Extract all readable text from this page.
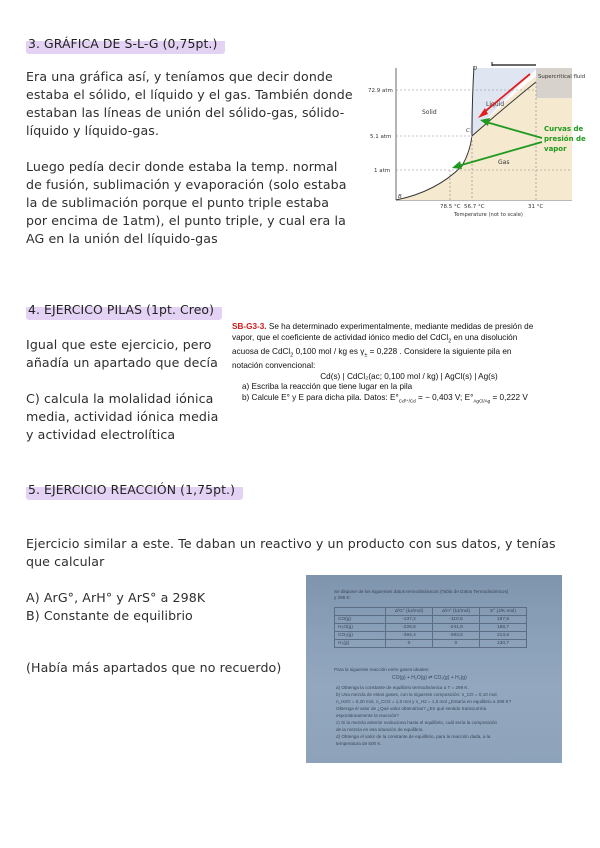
3. GRÁFICA DE S-L-G (0,75pt.)
Era una gráfica así, y teníamos que decir donde
estaba el sólido, el líquido y el gas. También donde
estaban las líneas de unión del sólido-gas, sólido-
líquido y líquido-gas.
Luego pedía decir donde estaba la temp. normal
de fusión, sublimación y evaporación (solo estaba
la de sublimación porque el punto triple estaba
por encima de 1atm), el punto triple, y cual era la
AG en la unión del líquido-gas
72.9 atm
5.1 atm
1 atm
78.5 °C 56.7 °C	31 °C
Temperature (not to scale)
Solid
Liquid
Gas
Supercritical fluid
D
C
B
Curvas de
presión de
vapor
4. EJERCICO PILAS (1pt. Creo)
Igual que este ejercicio, pero
añadía un apartado que decía
C) calcula la molalidad iónica
media, actividad iónica media
y actividad electrolítica
SB-G3-3. Se ha determinado experimentalmente, mediante medidas de presión de
vapor, que el coeficiente de actividad iónico medio del CdCl$_2$ en una disolución
acuosa de CdCl$_2$ 0,100 mol / kg es $\gamma_\pm = 0,228$ . Considere la siguiente pila en
notación convencional:
Cd(s) | CdCl₂(ac; 0,100 mol / kg) | AgCl(s) | Ag(s)
a) Escriba la reacción que tiene lugar en la pila
b) Calcule E° y E para dicha pila. Datos: $E^\circ_{Cd^{2+}/Cd}$ = − 0,403 V; $E^\circ_{AgCl/Ag} = 0,222$ V
5. EJERCICIO REACCIÓN (1,75pt.)
Ejercicio similar a este. Te daban un reactivo y un producto con sus datos, y tenías
que calcular
A) ArG°, ArH° y ArS° a 298K
B) Constante de equilibrio
(Había más apartados que no recuerdo)
Se dispone de los siguientes datos termodinámicos (Tabla de Datos Termodinámicos)
y 298 K:
	ΔᶠG° (kJ/mol)	ΔᶠH° (kJ/mol)	S° (J/K·mol)
CO(g)	-137,2	-110,5	197,6
H₂O(g)	-228,6	-241,8	188,7
CO₂(g)	-394,4	-393,5	213,6
H₂(g)	0	0	130,7
Para la siguiente reacción entre gases ideales:
CO(g) + H₂O(g) ⇌ CO₂(g) + H₂(g)
a) Obtenga la constante de equilibrio termodinámica a T = 298 K.
b) Una mezcla de estos gases, con la siguiente composición: n_CO = 0,10 mol,
n_H2O = 0,20 mol, n_CO2 = 1,0 mol y n_H2 = 1,0 mol ¿Estaría en equilibrio a 298 K?
Obtenga el valor de ¿Qué valor obtendrías? ¿En qué sentido transcurriría
espontáneamente la reacción?
c) Si la mezcla anterior evoluciona hasta el equilibrio, cuál sería la composición
de la mezcla en esa situación de equilibrio.
d) Obtenga el valor de la constante de equilibrio, para la reacción dada, a la
temperatura de 500 K.
